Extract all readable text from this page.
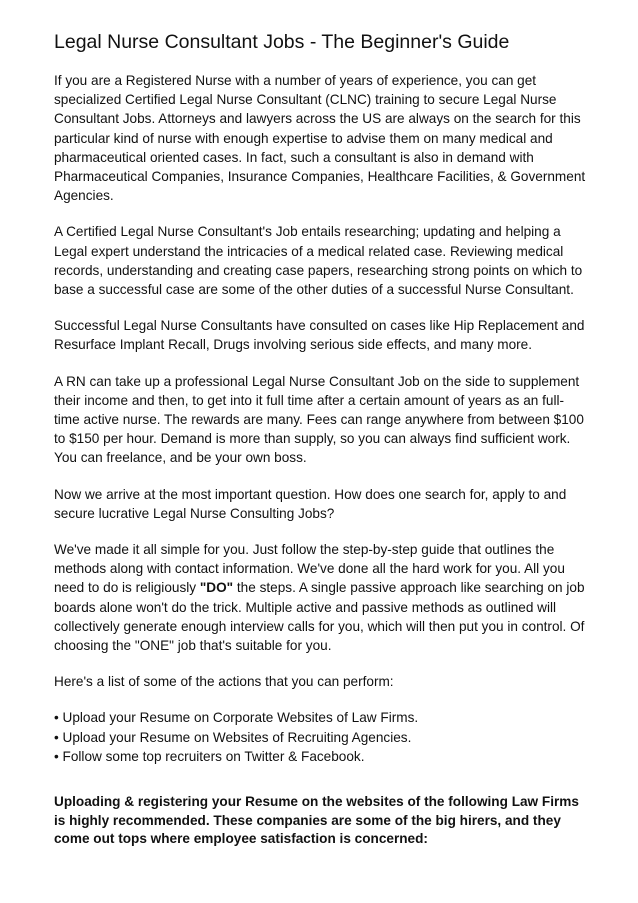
Legal Nurse Consultant Jobs - The Beginner's Guide

If you are a Registered Nurse with a number of years of experience, you can get specialized Certified Legal Nurse Consultant (CLNC) training to secure Legal Nurse Consultant Jobs. Attorneys and lawyers across the US are always on the search for this particular kind of nurse with enough expertise to advise them on many medical and pharmaceutical oriented cases. In fact, such a consultant is also in demand with Pharmaceutical Companies, Insurance Companies, Healthcare Facilities, & Government Agencies.

A Certified Legal Nurse Consultant's Job entails researching; updating and helping a Legal expert understand the intricacies of a medical related case. Reviewing medical records, understanding and creating case papers, researching strong points on which to base a successful case are some of the other duties of a successful Nurse Consultant.

Successful Legal Nurse Consultants have consulted on cases like Hip Replacement and Resurface Implant Recall, Drugs involving serious side effects, and many more.

A RN can take up a professional Legal Nurse Consultant Job on the side to supplement their income and then, to get into it full time after a certain amount of years as an full-time active nurse. The rewards are many. Fees can range anywhere from between $100 to $150 per hour. Demand is more than supply, so you can always find sufficient work. You can freelance, and be your own boss.

Now we arrive at the most important question. How does one search for, apply to and secure lucrative Legal Nurse Consulting Jobs?

We've made it all simple for you. Just follow the step-by-step guide that outlines the methods along with contact information. We've done all the hard work for you. All you need to do is religiously "DO" the steps. A single passive approach like searching on job boards alone won't do the trick. Multiple active and passive methods as outlined will collectively generate enough interview calls for you, which will then put you in control. Of choosing the "ONE" job that's suitable for you.

Here's a list of some of the actions that you can perform:

• Upload your Resume on Corporate Websites of Law Firms.
• Upload your Resume on Websites of Recruiting Agencies.
• Follow some top recruiters on Twitter & Facebook.

Uploading & registering your Resume on the websites of the following Law Firms is highly recommended. These companies are some of the big hirers, and they come out tops where employee satisfaction is concerned:
